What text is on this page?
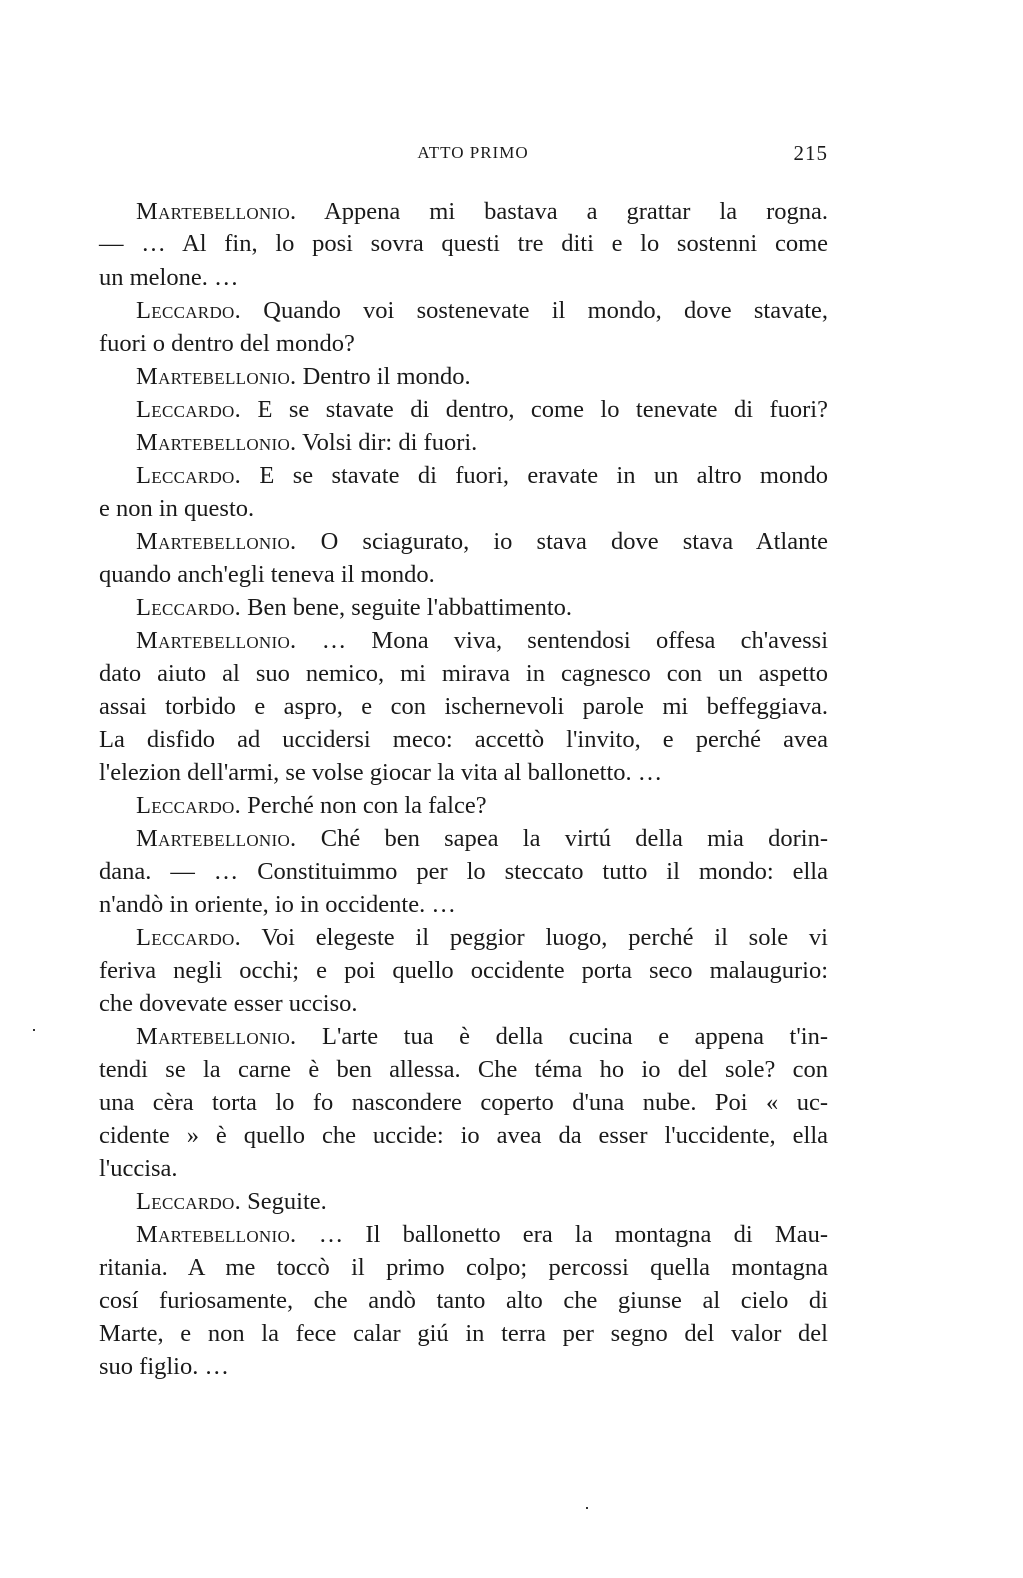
ATTO PRIMO	215
Martebellonio. Appena mi bastava a grattar la rogna.
— … Al fin, lo posi sovra questi tre diti e lo sostenni come
un melone. …
Leccardo. Quando voi sostenevate il mondo, dove stavate,
fuori o dentro del mondo?
Martebellonio. Dentro il mondo.
Leccardo. E se stavate di dentro, come lo tenevate di fuori?
Martebellonio. Volsi dir: di fuori.
Leccardo. E se stavate di fuori, eravate in un altro mondo
e non in questo.
Martebellonio. O sciagurato, io stava dove stava Atlante
quando anch'egli teneva il mondo.
Leccardo. Ben bene, seguite l'abbattimento.
Martebellonio. … Mona viva, sentendosi offesa ch'avessi
dato aiuto al suo nemico, mi mirava in cagnesco con un aspetto
assai torbido e aspro, e con ischernevoli parole mi beffeggiava.
La disfido ad uccidersi meco: accettò l'invito, e perché avea
l'elezion dell'armi, se volse giocar la vita al ballonetto. …
Leccardo. Perché non con la falce?
Martebellonio. Ché ben sapea la virtú della mia dorin-
dana. — … Constituimmo per lo steccato tutto il mondo: ella
n'andò in oriente, io in occidente. …
Leccardo. Voi elegeste il peggior luogo, perché il sole vi
feriva negli occhi; e poi quello occidente porta seco malaugurio:
che dovevate esser ucciso.
Martebellonio. L'arte tua è della cucina e appena t'in-
tendi se la carne è ben allessa. Che téma ho io del sole? con
una cèra torta lo fo nascondere coperto d'una nube. Poi « uc-
cidente » è quello che uccide: io avea da esser l'uccidente, ella
l'uccisa.
Leccardo. Seguite.
Martebellonio. … Il ballonetto era la montagna di Mau-
ritania. A me toccò il primo colpo; percossi quella montagna
cosí furiosamente, che andò tanto alto che giunse al cielo di
Marte, e non la fece calar giú in terra per segno del valor del
suo figlio. …
